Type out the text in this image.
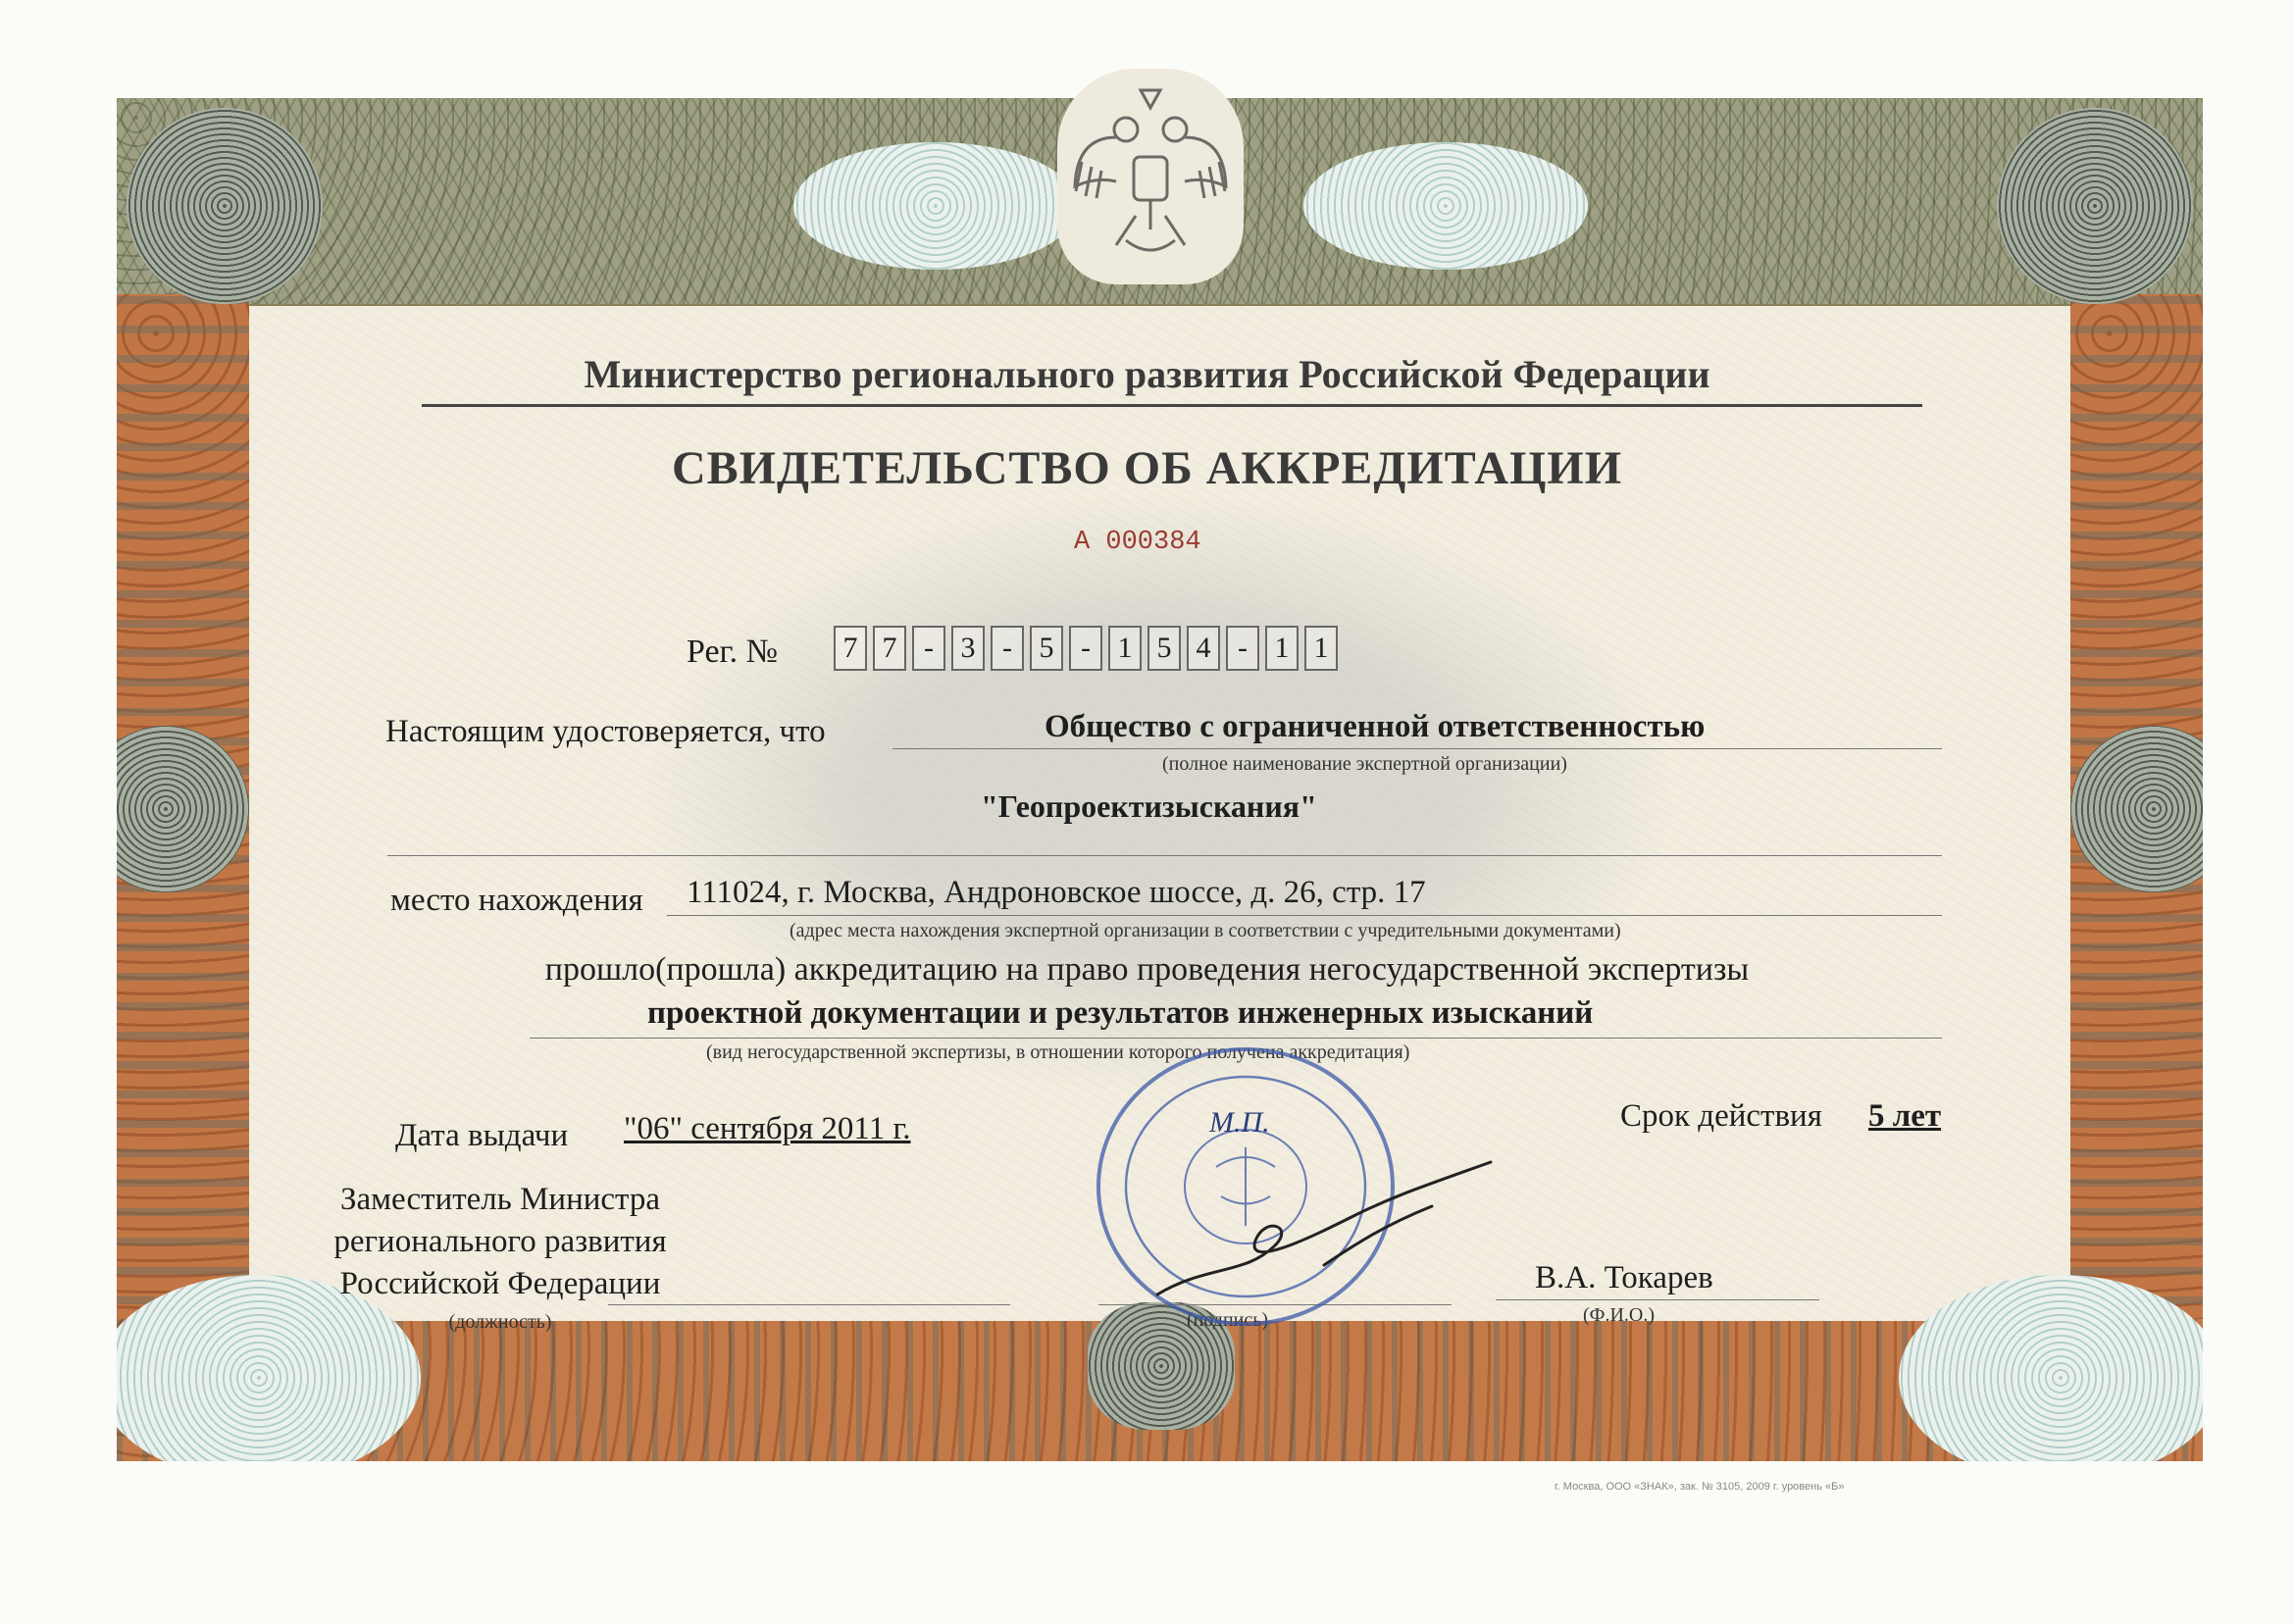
Министерство регионального развития Российской Федерации
СВИДЕТЕЛЬСТВО ОБ АККРЕДИТАЦИИ
А 000384
Рег. №	7 7 - 3 - 5 - 1 5 4 - 1 1
Настоящим удостоверяется, что	Общество с ограниченной ответственностью
(полное наименование экспертной организации)
"Геопроектизыскания"
место нахождения 111024, г. Москва, Андроновское шоссе, д. 26, стр. 17
(адрес места нахождения экспертной организации в соответствии с учредительными документами)
прошло(прошла) аккредитацию на право проведения негосударственной экспертизы
проектной документации и результатов инженерных изысканий
(вид негосударственной экспертизы, в отношении которого получена аккредитация)
Дата выдачи "06" сентября 2011 г.	Срок действия 5 лет
Заместитель Министра
регионального развития
Российской Федерации
(должность)	(подпись)
В.А. Токарев
(Ф.И.О.)
М.П.
г. Москва, ООО «ЗНАК», зак. № 3105, 2009 г. уровень «Б»
